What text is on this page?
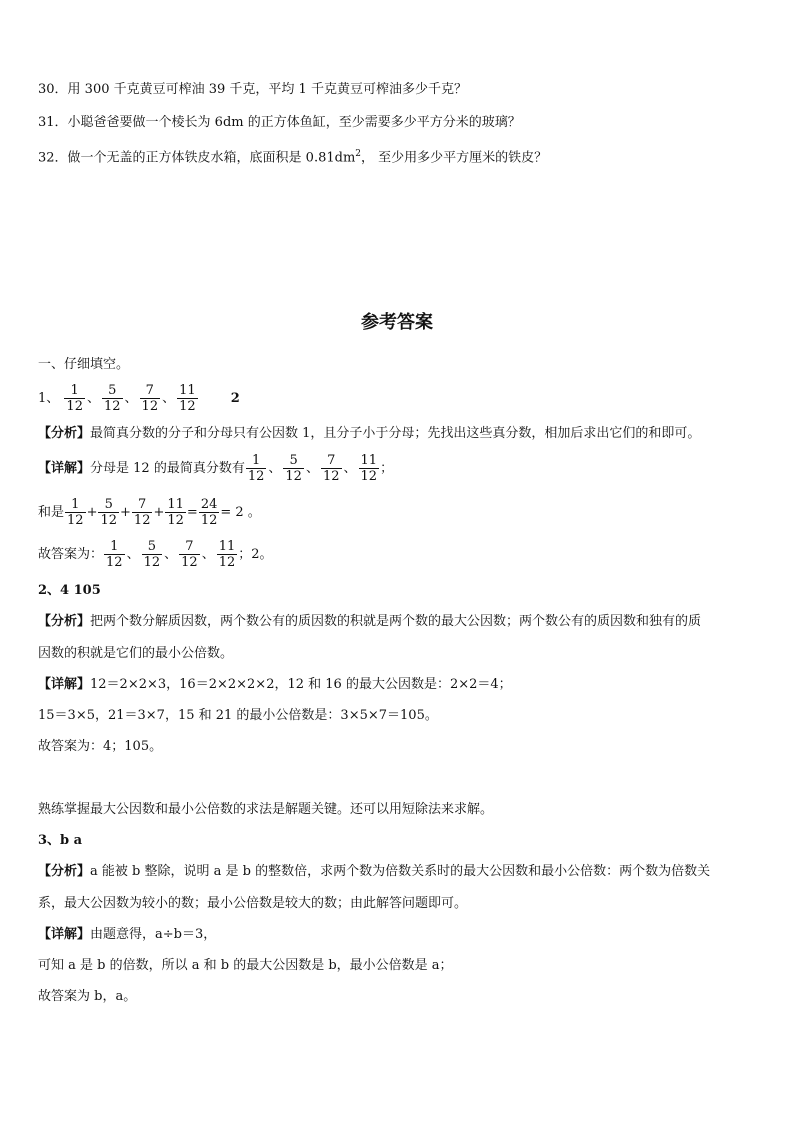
30．用 300 千克黄豆可榨油 39 千克，平均 1 千克黄豆可榨油多少千克？
31．小聪爸爸要做一个棱长为 6dm 的正方体鱼缸，至少需要多少平方分米的玻璃？
32．做一个无盖的正方体铁皮水箱，底面积是 $0.81dm^2$， 至少用多少平方厘米的铁皮？
参考答案
一、仔细填空。
1、 $\frac{1}{12}$ 、 $\frac{5}{12}$ 、 $\frac{7}{12}$ 、 $\frac{11}{12}$	2
【分析】最简真分数的分子和分母只有公因数 1，且分子小于分母；先找出这些真分数，相加后求出它们的和即可。
【详解】分母是 12 的最简真分数有 $\frac{1}{12}$ 、 $\frac{5}{12}$ 、 $\frac{7}{12}$ 、 $\frac{11}{12}$ ；
和是 $\frac{1}{12} + \frac{5}{12} + \frac{7}{12} + \frac{11}{12} = \frac{24}{12} = 2$ 。
故答案为： $\frac{1}{12}$ 、 $\frac{5}{12}$ 、 $\frac{7}{12}$ 、 $\frac{11}{12}$ ；2。
2、4 105
【分析】把两个数分解质因数，两个数公有的质因数的积就是两个数的最大公因数；两个数公有的质因数和独有的质
因数的积就是它们的最小公倍数。
【详解】12＝2×2×3，16＝2×2×2×2，12 和 16 的最大公因数是：2×2＝4；
15＝3×5，21＝3×7，15 和 21 的最小公倍数是：3×5×7＝105。
故答案为：4；105。
熟练掌握最大公因数和最小公倍数的求法是解题关键。还可以用短除法来求解。
3、b a
【分析】a 能被 b 整除，说明 a 是 b 的整数倍，求两个数为倍数关系时的最大公因数和最小公倍数：两个数为倍数关
系，最大公因数为较小的数；最小公倍数是较大的数；由此解答问题即可。
【详解】由题意得，a÷b＝3，
可知 a 是 b 的倍数，所以 a 和 b 的最大公因数是 b，最小公倍数是 a；
故答案为 b，a。
